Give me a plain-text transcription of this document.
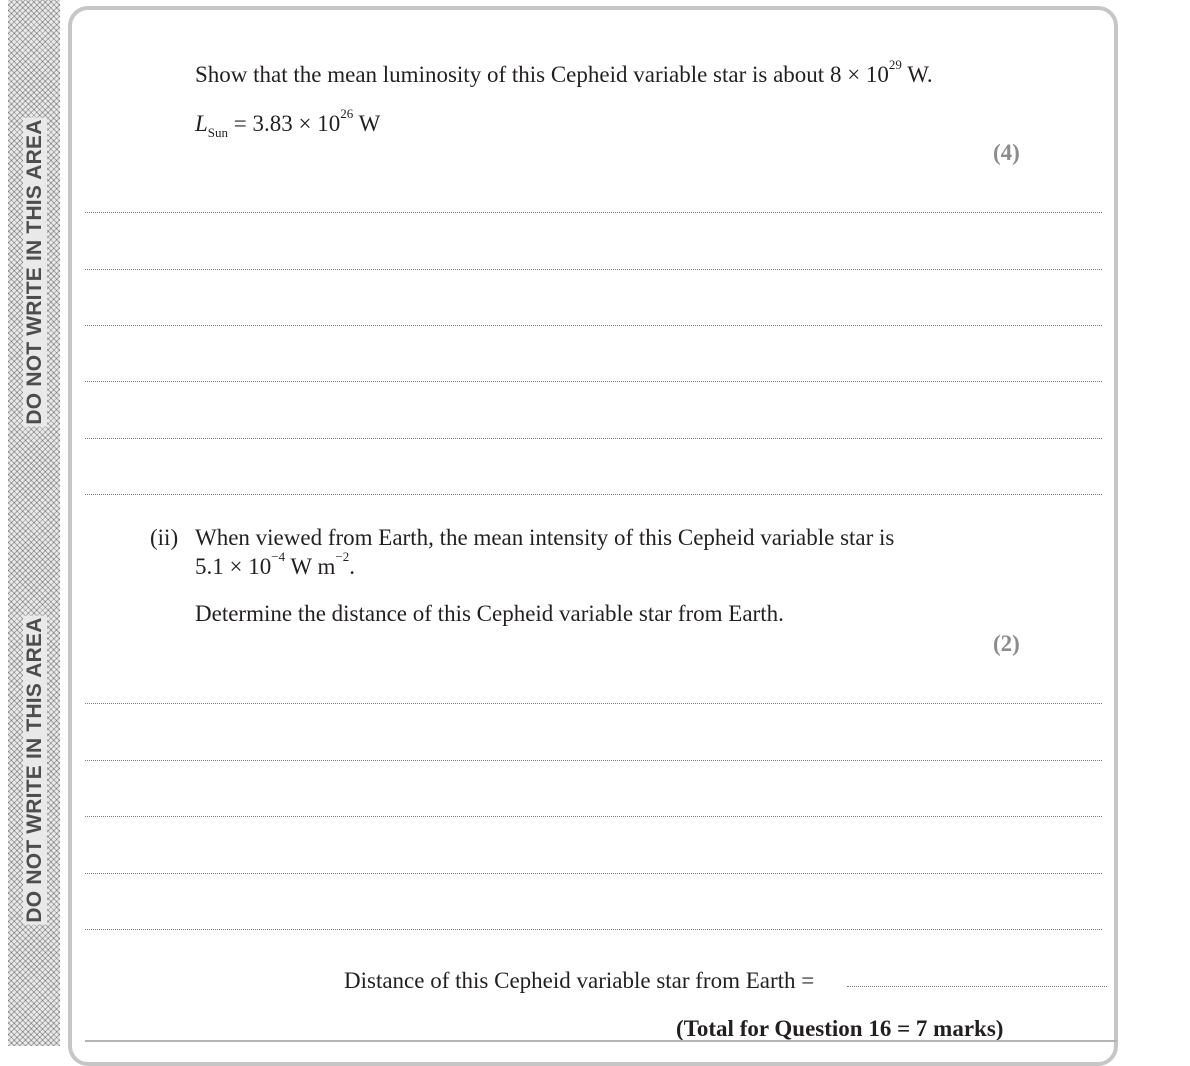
DO NOT WRITE IN THIS AREA
DO NOT WRITE IN THIS AREA
Show that the mean luminosity of this Cepheid variable star is about $8 \times 10^{29}$ W.
$L_{Sun} = 3.83 \times 10^{26}$ W
(4)
(ii) When viewed from Earth, the mean intensity of this Cepheid variable star is
$5.1 \times 10^{-4}$ W $m^{-2}$.
Determine the distance of this Cepheid variable star from Earth.
(2)
Distance of this Cepheid variable star from Earth =
(Total for Question 16 = 7 marks)
